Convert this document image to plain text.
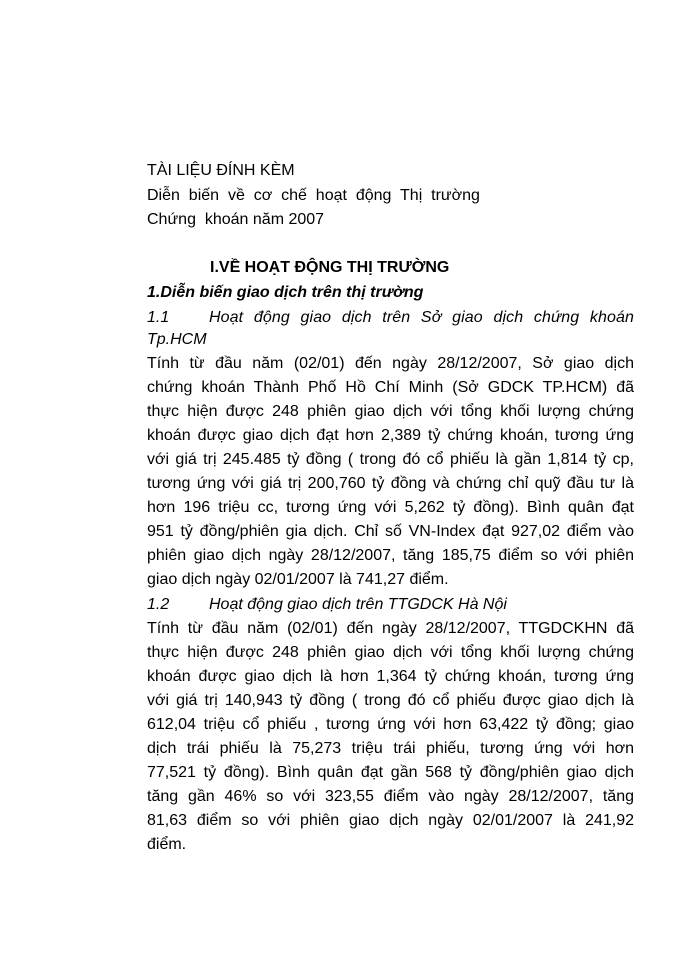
TÀI LIỆU ĐÍNH KÈM
Diễn  biến  về  cơ  chế  hoạt  động  Thị  trường
Chứng  khoán năm 2007
I.VỀ HOẠT ĐỘNG THỊ TRƯỜNG
1.Diễn biến giao dịch trên thị trường
1.1 Hoạt động giao dịch trên Sở giao dịch chứng khoán
Tp.HCM
Tính từ đầu năm (02/01) đến ngày 28/12/2007, Sở giao dịch
chứng khoán Thành Phố Hồ Chí Minh (Sở GDCK TP.HCM) đã
thực hiện được 248 phiên giao dịch với tổng khối lượng chứng
khoán được giao dịch đạt hơn 2,389 tỷ chứng khoán, tương ứng
với giá trị 245.485 tỷ đồng ( trong đó cổ phiếu là gần 1,814 tỷ cp,
tương ứng với giá trị 200,760 tỷ đồng và chứng chỉ quỹ đầu tư là
hơn 196 triệu cc, tương ứng với 5,262 tỷ đồng). Bình quân đạt
951 tỷ đồng/phiên gia dịch. Chỉ số VN-Index đạt 927,02 điểm vào
phiên giao dịch ngày 28/12/2007, tăng 185,75 điểm so với phiên
giao dịch ngày 02/01/2007 là 741,27 điểm.
1.2 Hoạt động giao dịch trên TTGDCK Hà Nội
Tính từ đầu năm (02/01) đến ngày 28/12/2007, TTGDCKHN đã
thực hiện được 248 phiên giao dịch với tổng khối lượng chứng
khoán được giao dịch là hơn 1,364 tỷ chứng khoán, tương ứng
với giá trị 140,943 tỷ đồng ( trong đó cổ phiếu được giao dịch là
612,04 triệu cổ phiếu , tương ứng với hơn 63,422 tỷ đồng; giao
dịch trái phiếu là 75,273 triệu trái phiếu, tương ứng với hơn
77,521 tỷ đồng). Bình quân đạt gần 568 tỷ đồng/phiên giao dịch
tăng gần 46% so với 323,55 điểm vào ngày 28/12/2007, tăng
81,63 điểm so với phiên giao dịch ngày 02/01/2007 là 241,92
điểm.
